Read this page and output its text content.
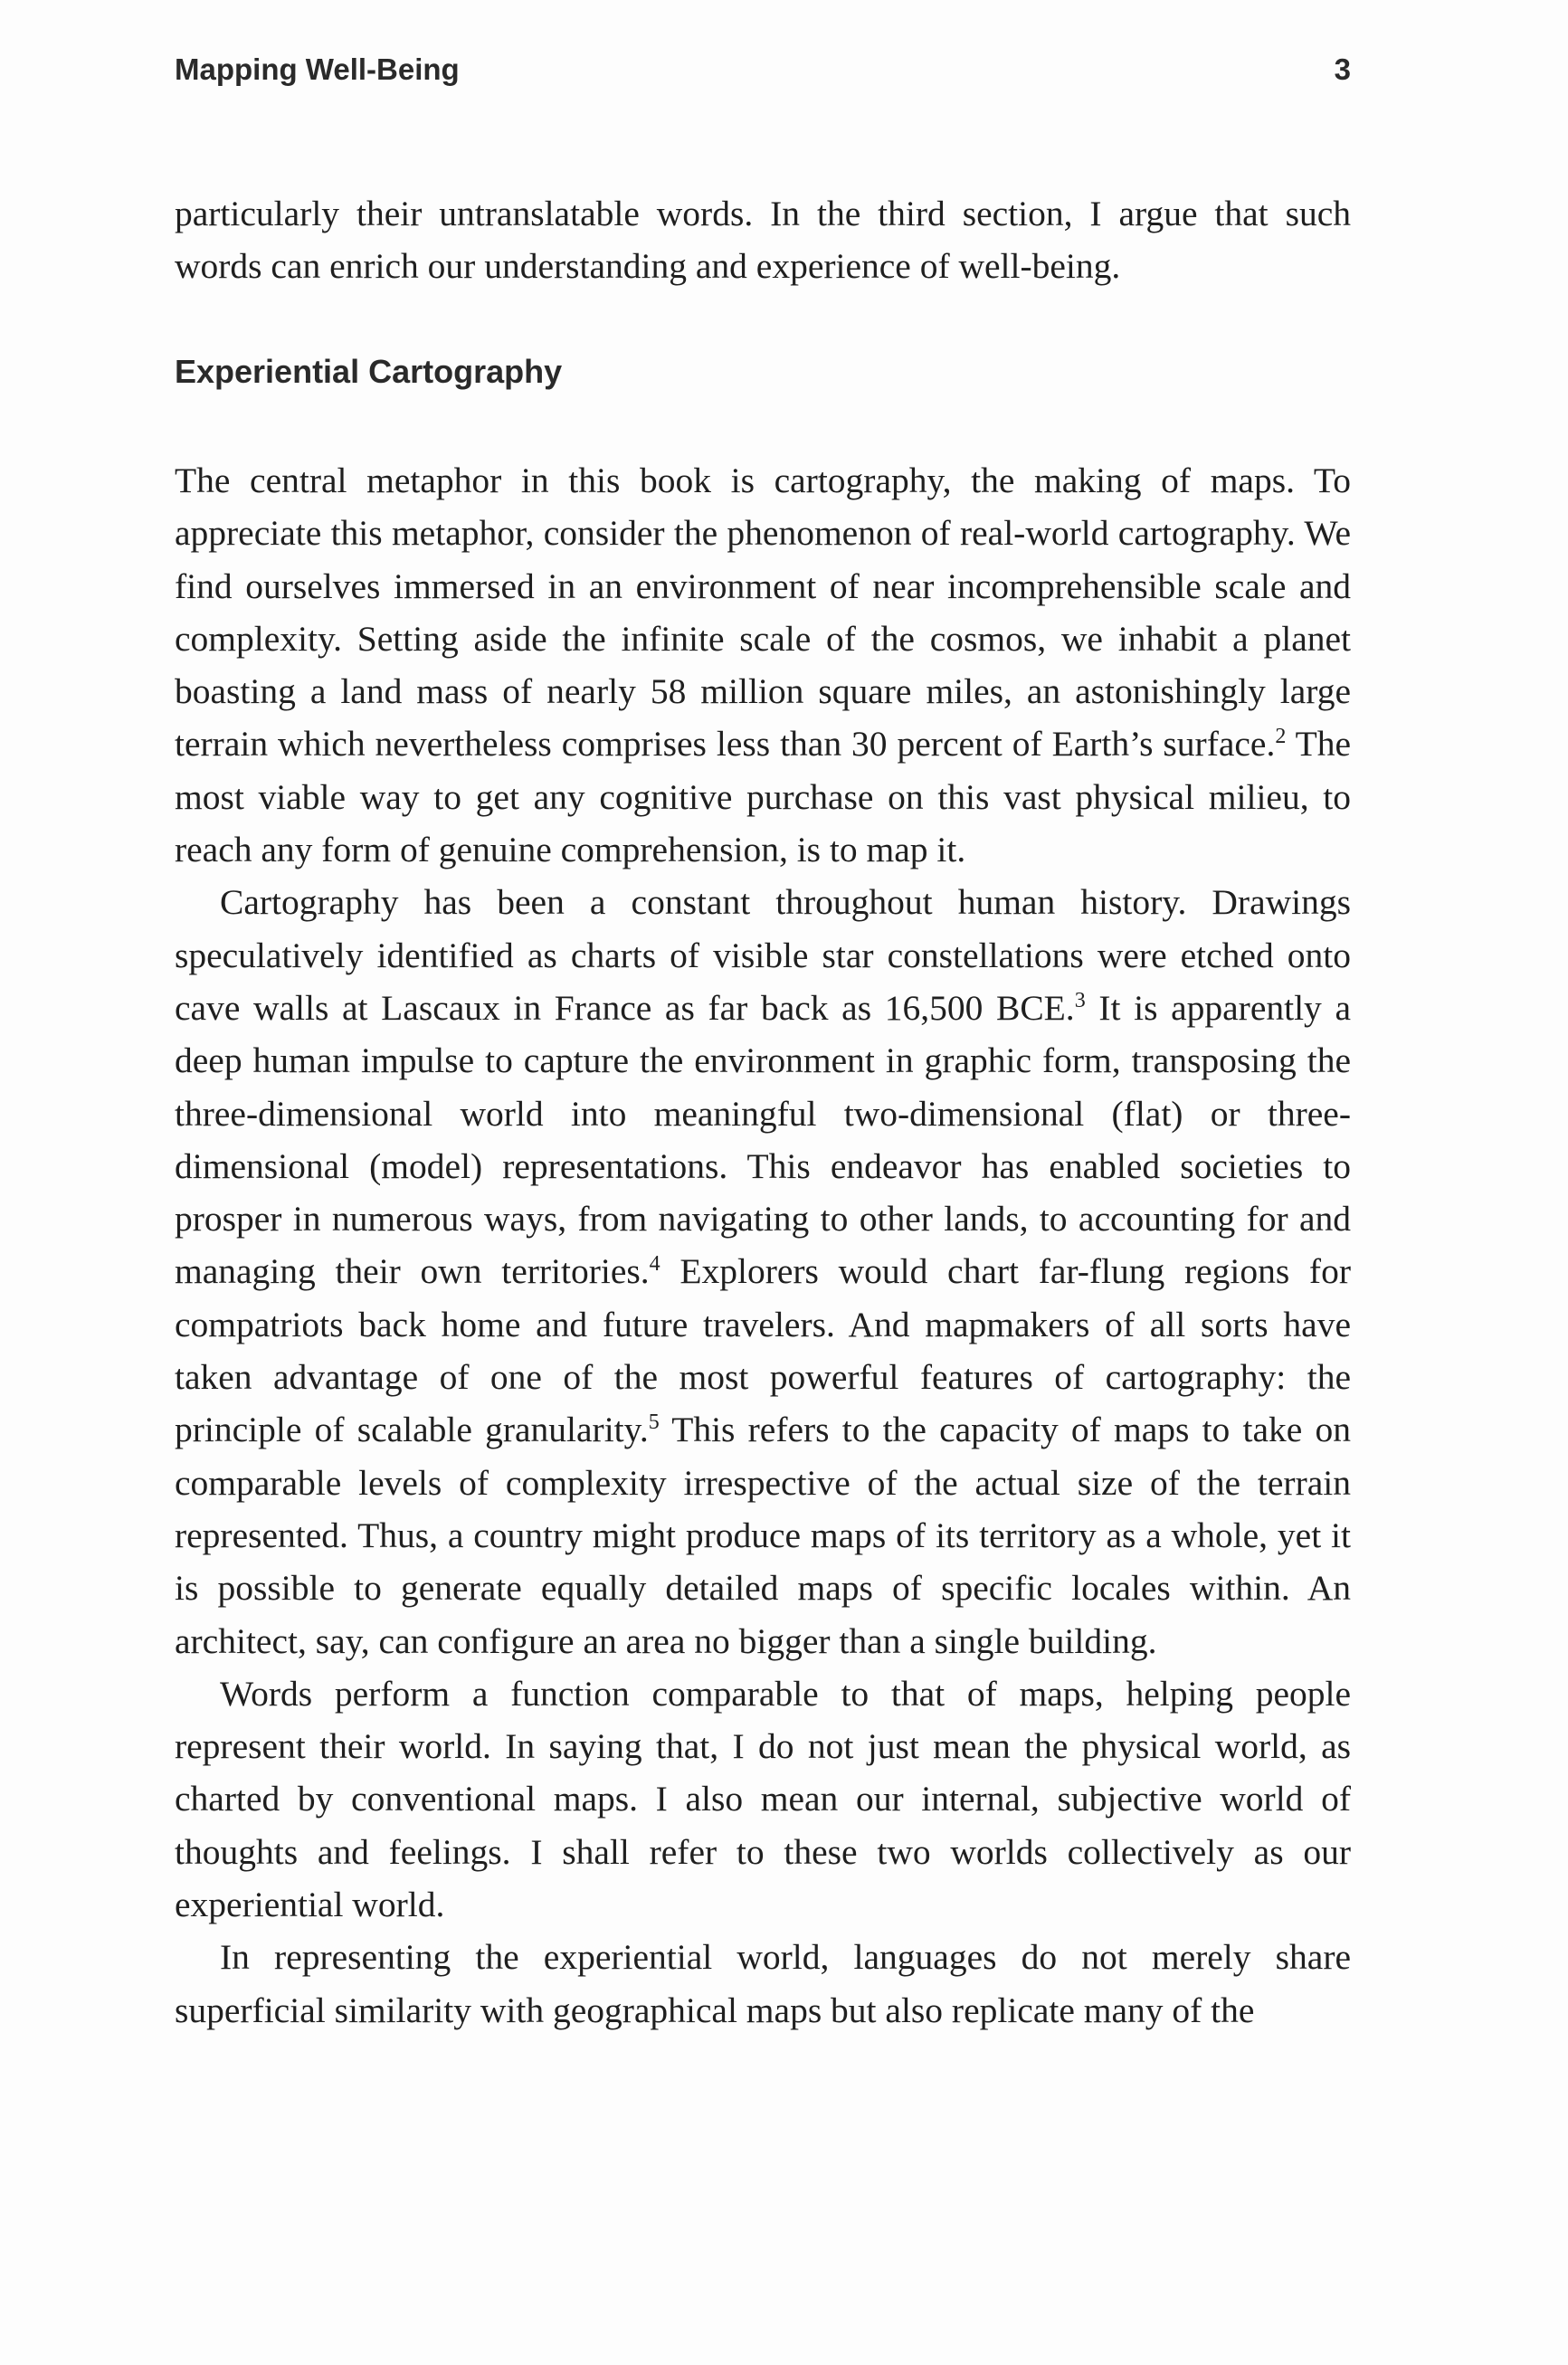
Mapping Well-Being	3

particularly their untranslatable words. In the third section, I argue that such words can enrich our understanding and experience of well-being.

Experiential Cartography

The central metaphor in this book is cartography, the making of maps. To appreciate this metaphor, consider the phenomenon of real-world cartography. We find ourselves immersed in an environment of near incomprehensible scale and complexity. Setting aside the infinite scale of the cosmos, we inhabit a planet boasting a land mass of nearly 58 million square miles, an astonishingly large terrain which nevertheless comprises less than 30 percent of Earth’s surface.$^2$ The most viable way to get any cognitive purchase on this vast physical milieu, to reach any form of genuine comprehension, is to map it.

Cartography has been a constant throughout human history. Drawings speculatively identified as charts of visible star constellations were etched onto cave walls at Lascaux in France as far back as 16,500 BCE.$^3$ It is apparently a deep human impulse to capture the environment in graphic form, transposing the three-dimensional world into meaningful two-dimensional (flat) or three-dimensional (model) representations. This endeavor has enabled societies to prosper in numerous ways, from navigating to other lands, to accounting for and managing their own territories.$^4$ Explorers would chart far-flung regions for compatriots back home and future travelers. And mapmakers of all sorts have taken advantage of one of the most powerful features of cartography: the principle of scalable granularity.$^5$ This refers to the capacity of maps to take on comparable levels of complexity irrespective of the actual size of the terrain represented. Thus, a country might produce maps of its territory as a whole, yet it is possible to generate equally detailed maps of specific locales within. An architect, say, can configure an area no bigger than a single building.

Words perform a function comparable to that of maps, helping people represent their world. In saying that, I do not just mean the physical world, as charted by conventional maps. I also mean our internal, subjective world of thoughts and feelings. I shall refer to these two worlds collectively as our experiential world.

In representing the experiential world, languages do not merely share superficial similarity with geographical maps but also replicate many of the
